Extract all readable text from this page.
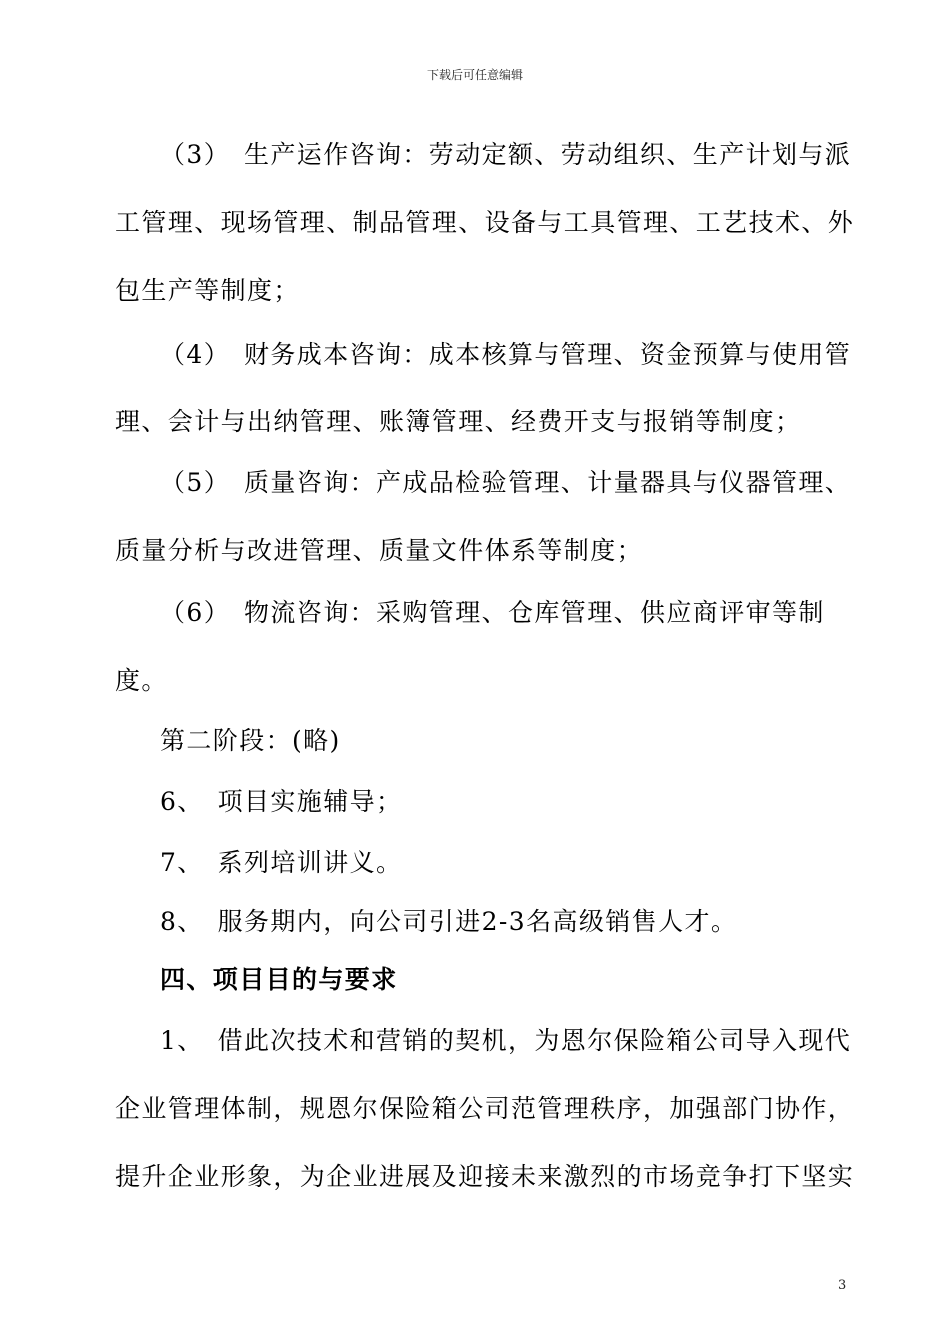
下载后可任意编辑
（3）　生产运作咨询：劳动定额、劳动组织、生产计划与派
工管理、现场管理、制品管理、设备与工具管理、工艺技术、外
包生产等制度；
（4）　财务成本咨询：成本核算与管理、资金预算与使用管
理、会计与出纳管理、账簿管理、经费开支与报销等制度；
（5）　质量咨询：产成品检验管理、计量器具与仪器管理、
质量分析与改进管理、质量文件体系等制度；
（6）　物流咨询：采购管理、仓库管理、供应商评审等制
度。
第二阶段：(略)
6、　项目实施辅导；
7、　系列培训讲义。
8、　服务期内，向公司引进2-3名高级销售人才。
四、项目目的与要求
1、　借此次技术和营销的契机，为恩尔保险箱公司导入现代
企业管理体制，规恩尔保险箱公司范管理秩序，加强部门协作，
提升企业形象，为企业进展及迎接未来激烈的市场竞争打下坚实
3
